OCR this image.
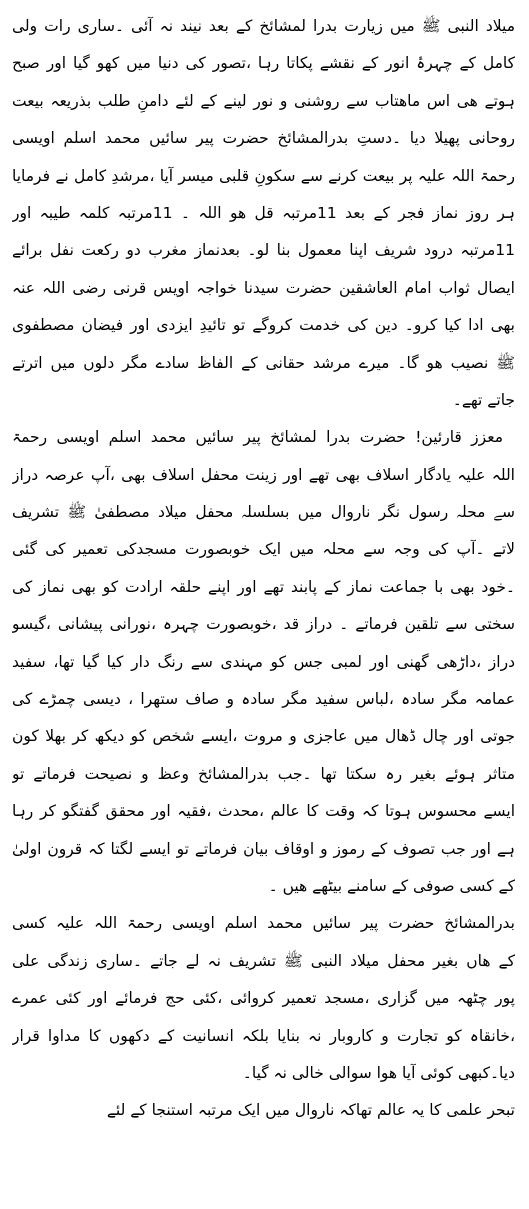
میلاد النبی ﷺ میں زیارت بدرا لمشائخ کے بعد نیند نہ آئی ۔ساری رات ولی
کامل کے چہرۂ انور کے نقشے پکاتا رہا ،تصور کی دنیا میں کھو گیا اور صبح
ہوتے ھی اس ماھتاب سے روشنی و نور لینے کے لئے دامنِ طلب بذریعہ بیعت
روحانی پھیلا دیا ۔دستِ بدرالمشائخ حضرت پیر سائیں محمد اسلم اویسی
رحمۃ اللہ علیہ پر بیعت کرنے سے سکونِ قلبی میسر آیا ،مرشدِ کامل نے فرمایا
ہر روز نماز فجر کے بعد 11مرتبہ قل ھو اللہ ۔ 11مرتبہ کلمہ طیبہ اور
11مرتبہ درود شریف اپنا معمول بنا لو۔ بعدنماز مغرب دو رکعت نفل برائے
ایصال ثواب امام العاشقین حضرت سیدنا خواجہ اویس قرنی رضی اللہ عنہ
بھی ادا کیا کرو۔ دین کی خدمت کروگے تو تائیدِ ایزدی اور فیضان مصطفوی
ﷺ نصیب ھو گا۔ میرے مرشد حقانی کے الفاظ سادے مگر دلوں میں اترتے
جاتے تھے۔
معزز قارئین! حضرت بدرا لمشائخ پیر سائیں محمد اسلم اویسی رحمۃ
اللہ علیہ یادگار اسلاف بھی تھے اور زینت محفل اسلاف بھی ،آپ عرصہ دراز
سے محلہ رسول نگر ناروال میں بسلسلہ محفل میلاد مصطفیٰ ﷺ تشریف
لاتے ۔آپ کی وجہ سے محلہ میں ایک خوبصورت مسجدکی تعمیر کی گئی
۔خود بھی با جماعت نماز کے پابند تھے اور اپنے حلقہ ارادت کو بھی نماز کی
سختی سے تلقین فرماتے ۔ دراز قد ،خوبصورت چہرہ ،نورانی پیشانی ،گیسو
دراز ،داڑھی گھنی اور لمبی جس کو مہندی سے رنگ دار کیا گیا تھا، سفید
عمامہ مگر سادہ ،لباس سفید مگر سادہ و صاف ستھرا ، دیسی چمڑے کی
جوتی اور چال ڈھال میں عاجزی و مروت ،ایسے شخص کو دیکھ کر بھلا کون
متاثر ہوئے بغیر رہ سکتا تھا ۔جب بدرالمشائخ وعظ و نصیحت فرماتے تو
ایسے محسوس ہوتا کہ وقت کا عالم ،محدث ،فقیہ اور محقق گفتگو کر رہا
ہے اور جب تصوف کے رموز و اوقاف بیان فرماتے تو ایسے لگتا کہ قرون اولیٰ
کے کسی صوفی کے سامنے بیٹھے ھیں ۔
بدرالمشائخ حضرت پیر سائیں محمد اسلم اویسی رحمۃ اللہ علیہ کسی
کے ھاں بغیر محفل میلاد النبی ﷺ تشریف نہ لے جاتے ۔ساری زندگی علی
پور چٹھہ میں گزاری ،مسجد تعمیر کروائی ،کئی حج فرمائے اور کئی عمرے
،خانقاہ کو تجارت و کاروبار نہ بنایا بلکہ انسانیت کے دکھوں کا مداوا قرار
دیا۔کبھی کوئی آیا ھوا سوالی خالی نہ گیا۔
تبحر علمی کا یہ عالم تھاکہ ناروال میں ایک مرتبہ استنجا کے لئے
